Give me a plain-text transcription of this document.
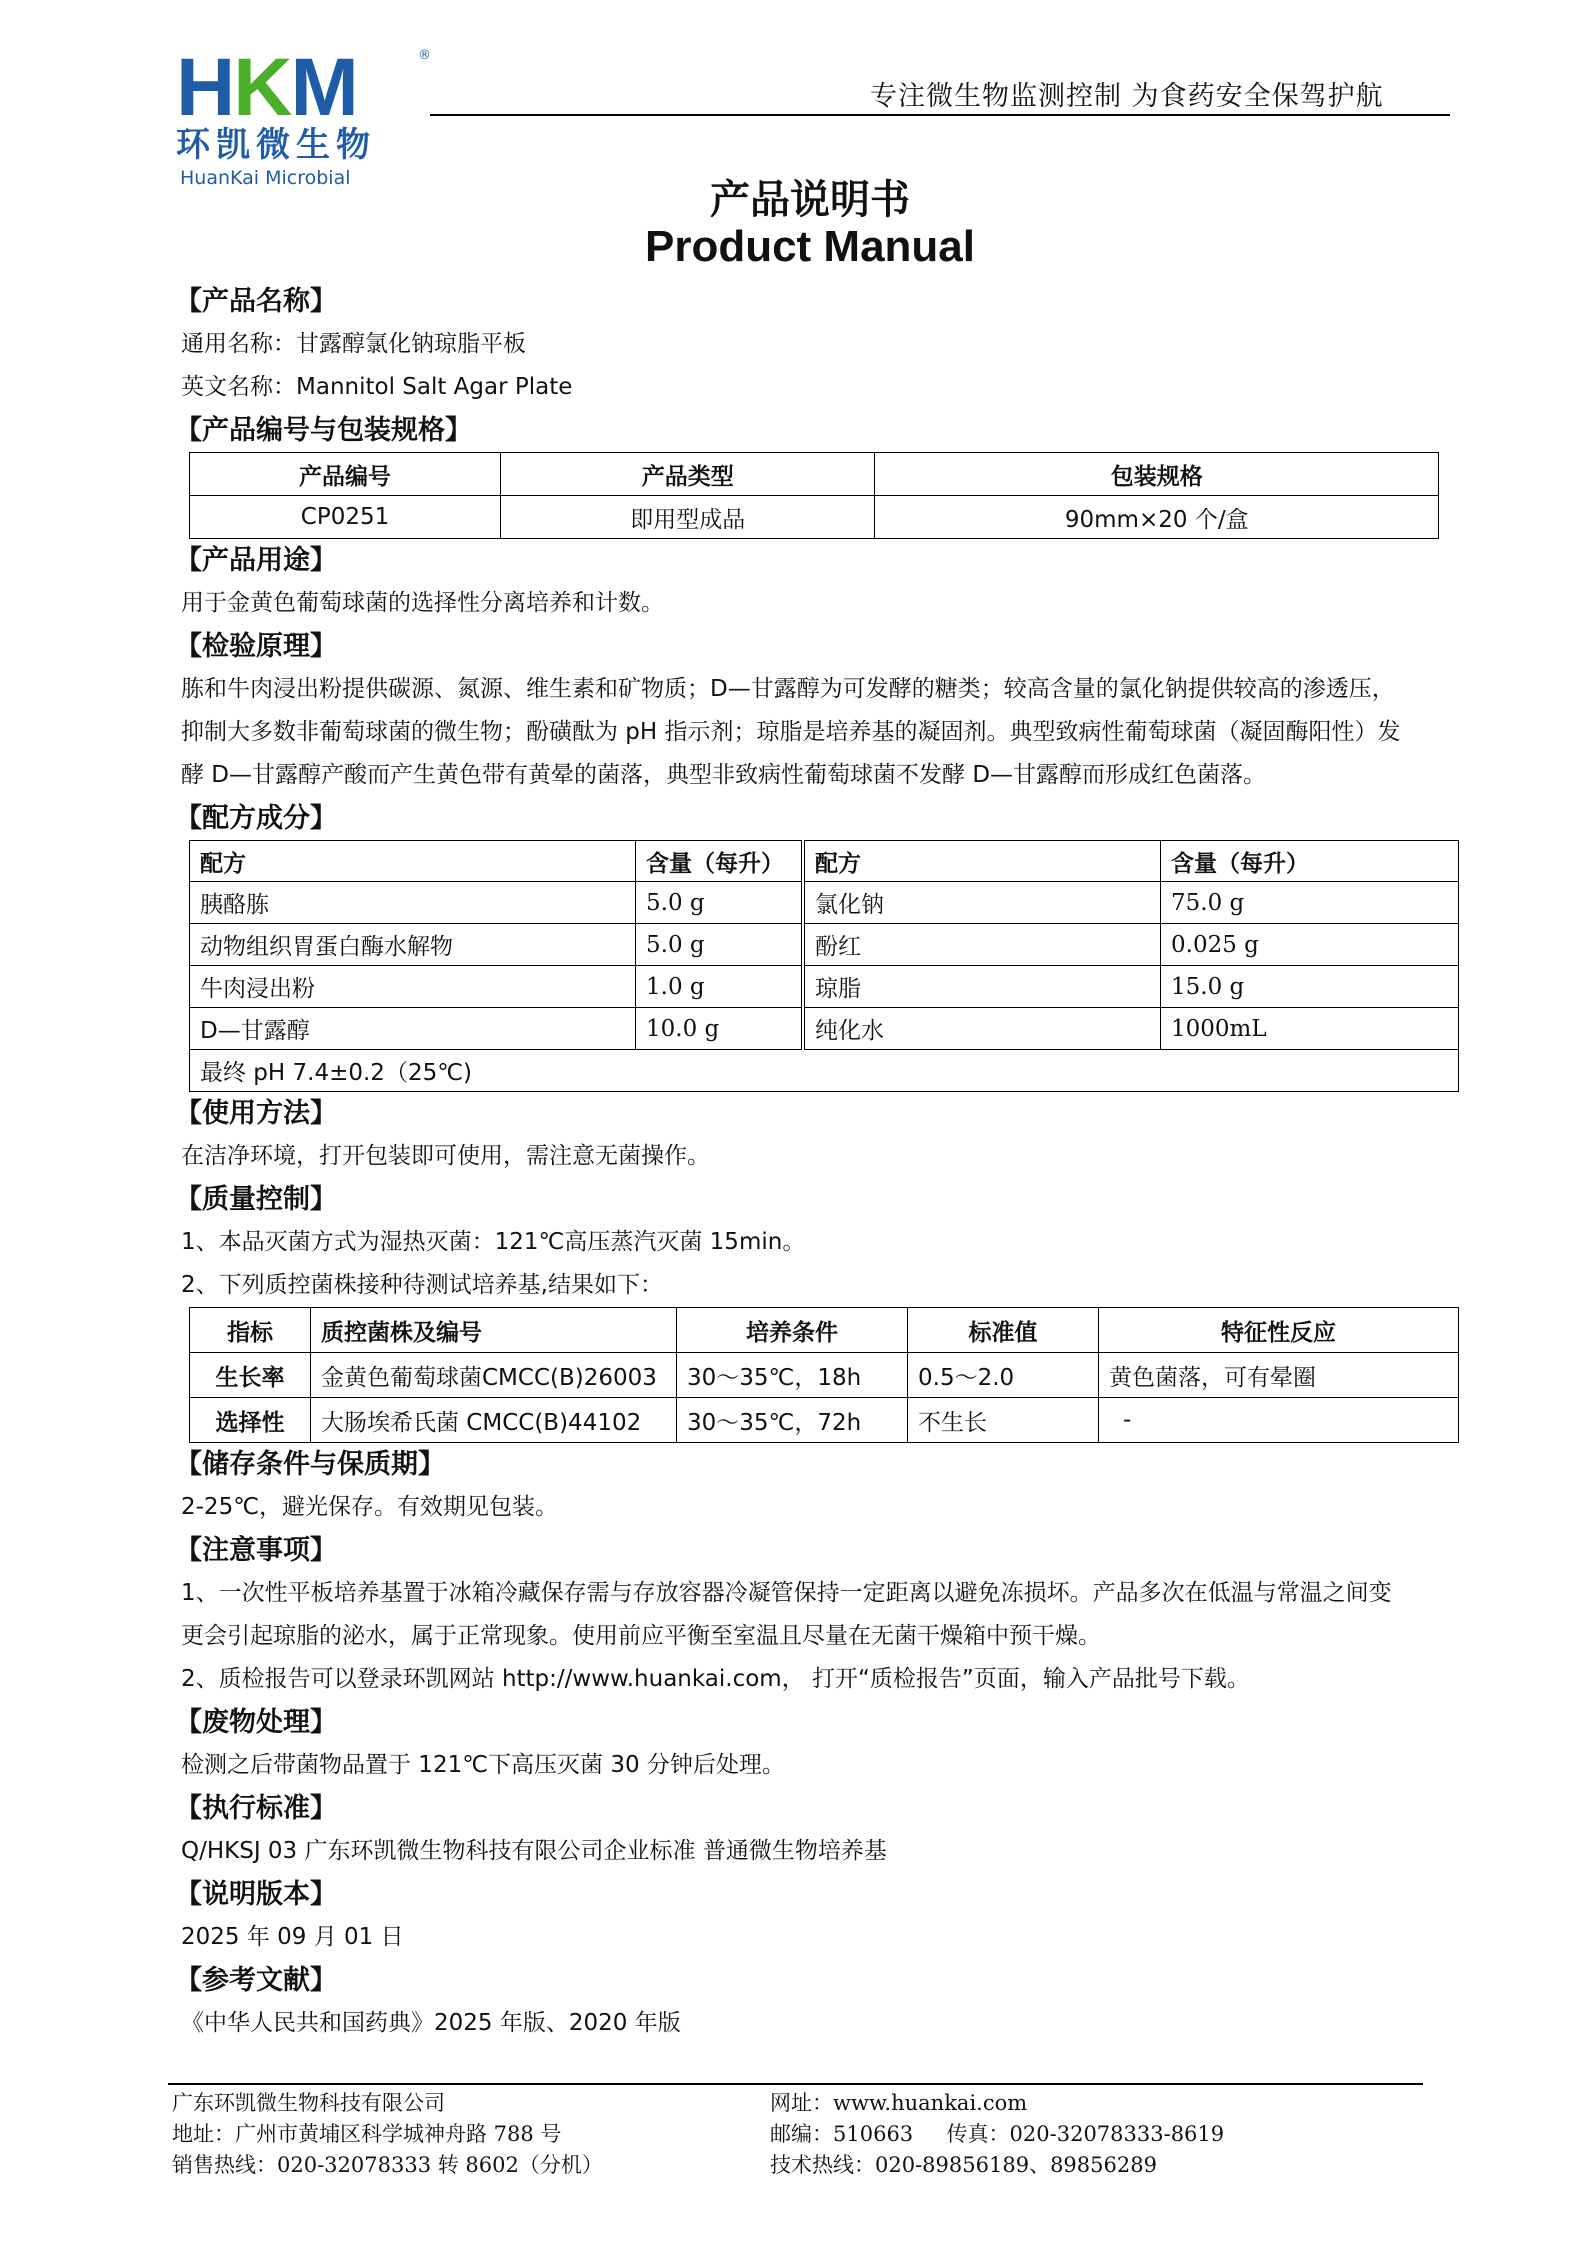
HKM	®
环凯微生物
HuanKai Microbial
专注微生物监测控制 为食药安全保驾护航
产品说明书
Product Manual
【产品名称】
通用名称：甘露醇氯化钠琼脂平板
英文名称：Mannitol Salt Agar Plate
【产品编号与包装规格】
产品编号	产品类型	包装规格
CP0251	即用型成品	90mm×20 个/盒
【产品用途】
用于金黄色葡萄球菌的选择性分离培养和计数。
【检验原理】
胨和牛肉浸出粉提供碳源、氮源、维生素和矿物质；D—甘露醇为可发酵的糖类；较高含量的氯化钠提供较高的渗透压，
抑制大多数非葡萄球菌的微生物；酚磺酞为 pH 指示剂；琼脂是培养基的凝固剂。典型致病性葡萄球菌（凝固酶阳性）发
酵 D—甘露醇产酸而产生黄色带有黄晕的菌落，典型非致病性葡萄球菌不发酵 D—甘露醇而形成红色菌落。
【配方成分】
配方	含量（每升）	配方	含量（每升）
胰酪胨	5.0 g	氯化钠	75.0 g
动物组织胃蛋白酶水解物	5.0 g	酚红	0.025 g
牛肉浸出粉	1.0 g	琼脂	15.0 g
D—甘露醇	10.0 g	纯化水	1000mL
最终 pH 7.4±0.2（25℃)			
【使用方法】
在洁净环境，打开包装即可使用，需注意无菌操作。
【质量控制】
1、本品灭菌方式为湿热灭菌：121℃高压蒸汽灭菌 15min。
2、下列质控菌株接种待测试培养基,结果如下：
指标	质控菌株及编号	培养条件	标准值	特征性反应
生长率	金黄色葡萄球菌CMCC(B)26003	30～35℃，18h	0.5～2.0	黄色菌落，可有晕圈
选择性	大肠埃希氏菌 CMCC(B)44102	30～35℃，72h	不生长	-
【储存条件与保质期】
2-25℃，避光保存。有效期见包装。
【注意事项】
1、一次性平板培养基置于冰箱冷藏保存需与存放容器冷凝管保持一定距离以避免冻损坏。产品多次在低温与常温之间变
更会引起琼脂的泌水，属于正常现象。使用前应平衡至室温且尽量在无菌干燥箱中预干燥。
2、质检报告可以登录环凯网站 http://www.huankai.com， 打开“质检报告”页面，输入产品批号下载。
【废物处理】
检测之后带菌物品置于 121℃下高压灭菌 30 分钟后处理。
【执行标准】
Q/HKSJ 03 广东环凯微生物科技有限公司企业标准 普通微生物培养基
【说明版本】
2025 年 09 月 01 日
【参考文献】
《中华人民共和国药典》2025 年版、2020 年版
广东环凯微生物科技有限公司
地址：广州市黄埔区科学城神舟路 788 号
销售热线：020-32078333 转 8602（分机）
网址：www.huankai.com
邮编：510663     传真：020-32078333-8619
技术热线：020-89856189、89856289
